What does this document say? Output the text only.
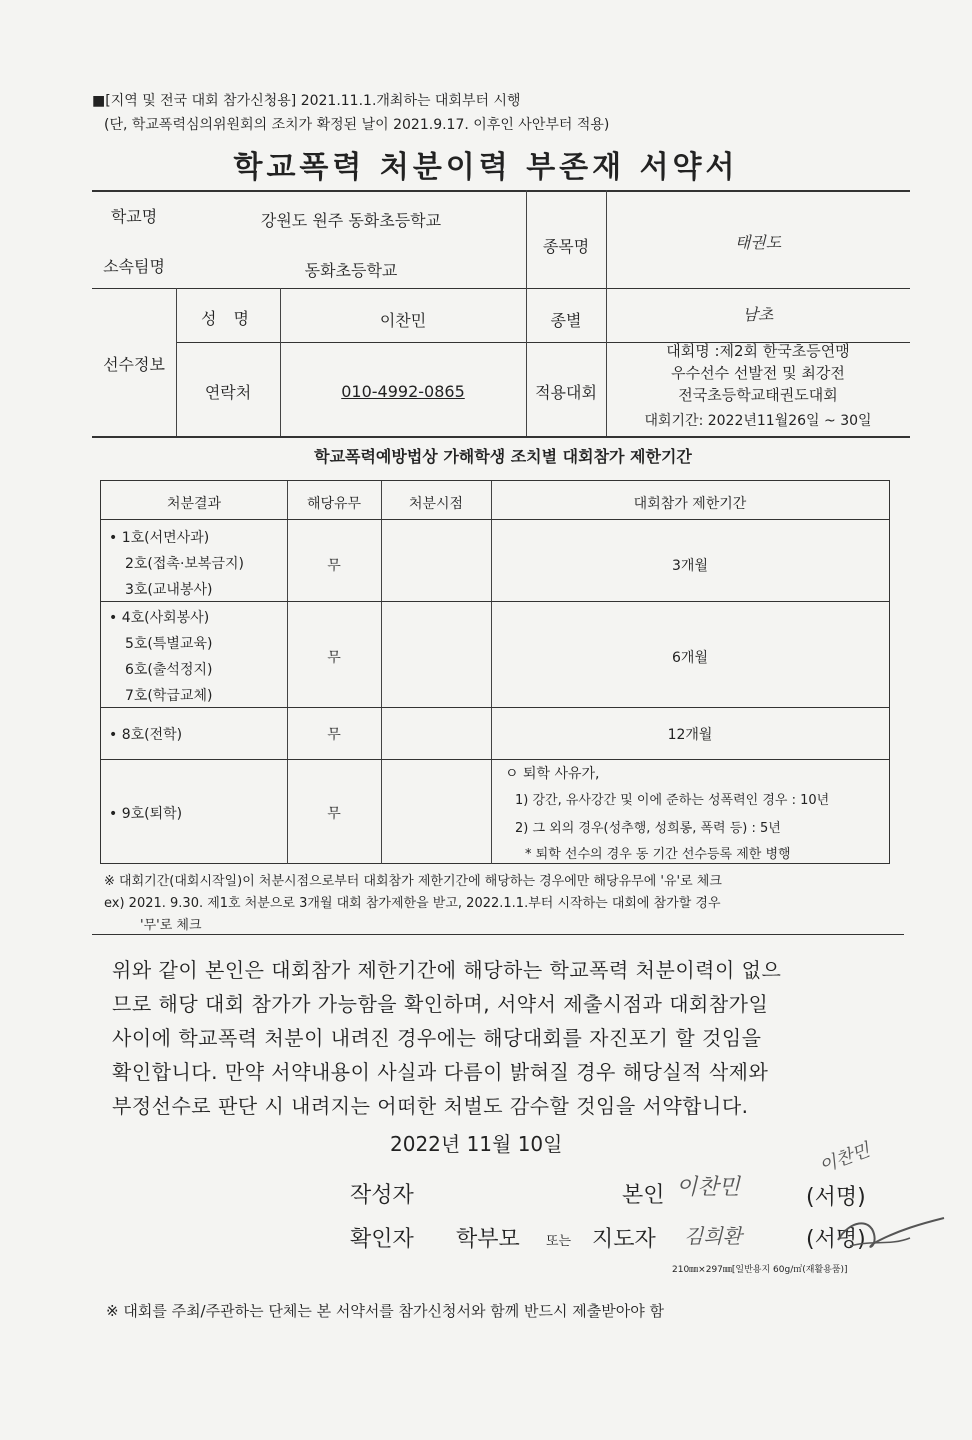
■[지역 및 전국 대회 참가신청용] 2021.11.1.개최하는 대회부터 시행
(단, 학교폭력심의위원회의 조치가 확정된 날이 2021.9.17. 이후인 사안부터 적용)
학교폭력 처분이력 부존재 서약서
학교명	강원도 원주 동화초등학교
소속팀명	동화초등학교
종목명	태권도
선수정보
성 명	이찬민	종별	남초
연락처	010-4992-0865	적용대회
대회명 :제2회 한국초등연맹
우수선수 선발전 및 최강전
전국초등학교태권도대회
대회기간: 2022년11월26일 ~ 30일
학교폭력예방법상 가해학생 조치별 대회참가 제한기간
처분결과	해당유무	처분시점	대회참가 제한기간
• 1호(서면사과)
2호(접촉·보복금지)
3호(교내봉사)
무	3개월
• 4호(사회봉사)
5호(특별교육)
6호(출석정지)
7호(학급교체)
무	6개월
• 8호(전학)	무	12개월
• 9호(퇴학)	무
ㅇ 퇴학 사유가,
1) 강간, 유사강간 및 이에 준하는 성폭력인 경우 : 10년
2) 그 외의 경우(성추행, 성희롱, 폭력 등) : 5년
* 퇴학 선수의 경우 동 기간 선수등록 제한 병행
※ 대회기간(대회시작일)이 처분시점으로부터 대회참가 제한기간에 해당하는 경우에만 해당유무에 '유'로 체크
ex) 2021. 9.30. 제1호 처분으로 3개월 대회 참가제한을 받고, 2022.1.1.부터 시작하는 대회에 참가할 경우
'무'로 체크
위와 같이 본인은 대회참가 제한기간에 해당하는 학교폭력 처분이력이 없으
므로 해당 대회 참가가 가능함을 확인하며, 서약서 제출시점과 대회참가일
사이에 학교폭력 처분이 내려진 경우에는 해당대회를 자진포기 할 것임을
확인합니다. 만약 서약내용이 사실과 다름이 밝혀질 경우 해당실적 삭제와
부정선수로 판단 시 내려지는 어떠한 처벌도 감수할 것임을 서약합니다.
2022년 11월 10일
작성자	본인 이찬민	(서명)
이찬민
확인자 학부모 또는 지도자 김희환	(서명)
210㎜×297㎜[일반용지 60g/㎡(재활용품)]
※ 대회를 주최/주관하는 단체는 본 서약서를 참가신청서와 함께 반드시 제출받아야 함
